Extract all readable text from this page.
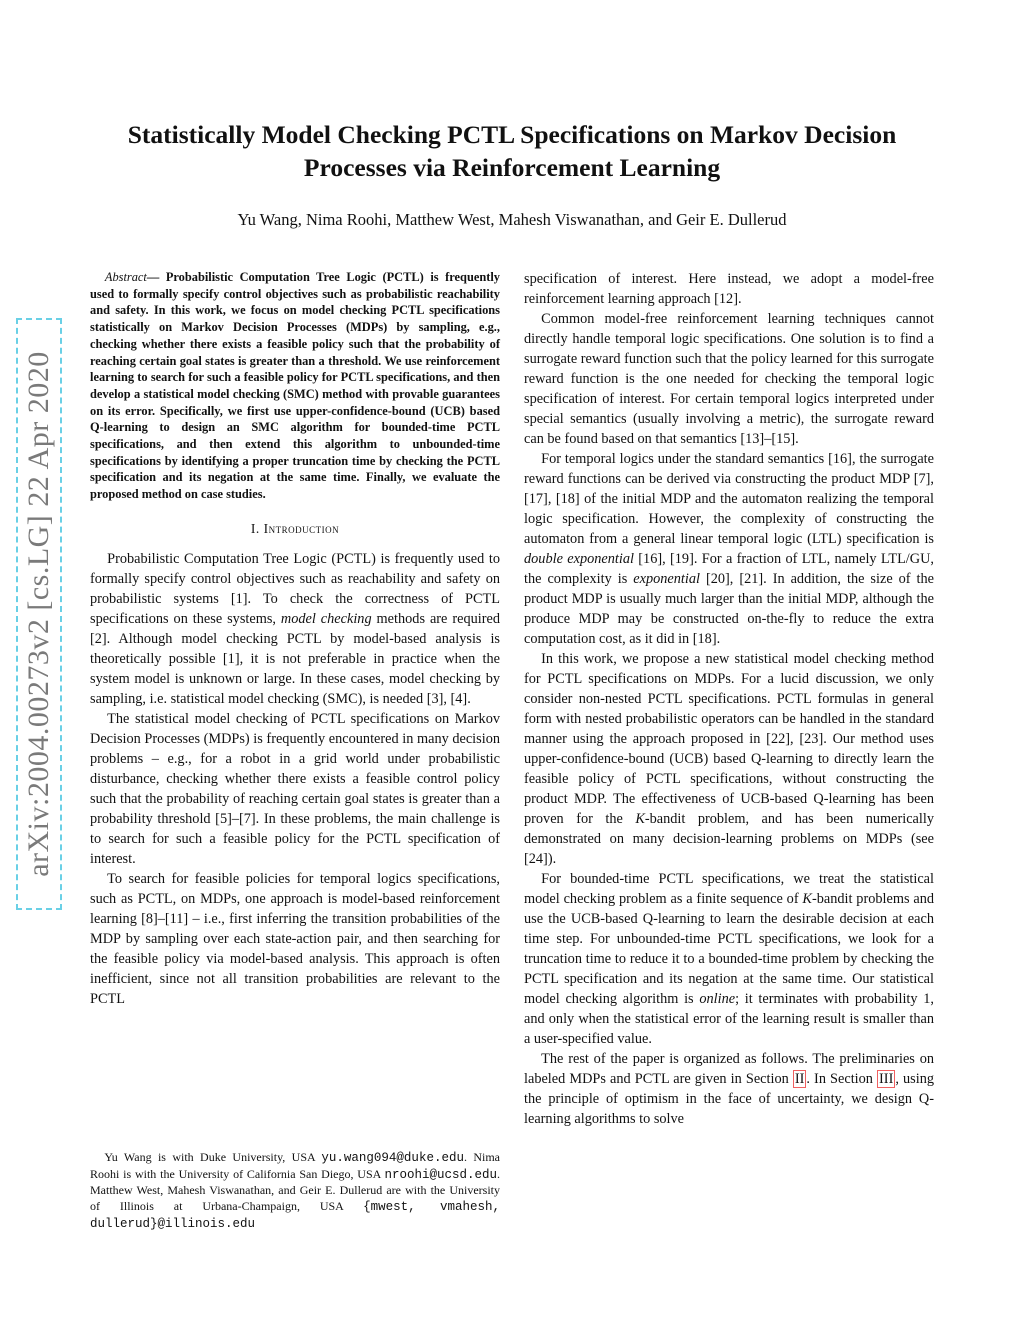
arXiv:2004.00273v2 [cs.LG] 22 Apr 2020
Statistically Model Checking PCTL Specifications on Markov Decision Processes via Reinforcement Learning

Yu Wang, Nima Roohi, Matthew West, Mahesh Viswanathan, and Geir E. Dullerud

Abstract— Probabilistic Computation Tree Logic (PCTL) is frequently used to formally specify control objectives such as probabilistic reachability and safety. In this work, we focus on model checking PCTL specifications statistically on Markov Decision Processes (MDPs) by sampling, e.g., checking whether there exists a feasible policy such that the probability of reaching certain goal states is greater than a threshold. We use reinforcement learning to search for such a feasible policy for PCTL specifications, and then develop a statistical model checking (SMC) method with provable guarantees on its error. Specifically, we first use upper-confidence-bound (UCB) based Q-learning to design an SMC algorithm for bounded-time PCTL specifications, and then extend this algorithm to unbounded-time specifications by identifying a proper truncation time by checking the PCTL specification and its negation at the same time. Finally, we evaluate the proposed method on case studies.

I. Introduction

Probabilistic Computation Tree Logic (PCTL) is frequently used to formally specify control objectives such as reachability and safety on probabilistic systems [1]. To check the correctness of PCTL specifications on these systems, model checking methods are required [2]. Although model checking PCTL by model-based analysis is theoretically possible [1], it is not preferable in practice when the system model is unknown or large. In these cases, model checking by sampling, i.e. statistical model checking (SMC), is needed [3], [4].

The statistical model checking of PCTL specifications on Markov Decision Processes (MDPs) is frequently encountered in many decision problems – e.g., for a robot in a grid world under probabilistic disturbance, checking whether there exists a feasible control policy such that the probability of reaching certain goal states is greater than a probability threshold [5]–[7]. In these problems, the main challenge is to search for such a feasible policy for the PCTL specification of interest.

To search for feasible policies for temporal logics specifications, such as PCTL, on MDPs, one approach is model-based reinforcement learning [8]–[11] – i.e., first inferring the transition probabilities of the MDP by sampling over each state-action pair, and then searching for the feasible policy via model-based analysis. This approach is often inefficient, since not all transition probabilities are relevant to the PCTL

Yu Wang is with Duke University, USA yu.wang094@duke.edu. Nima Roohi is with the University of California San Diego, USA nroohi@ucsd.edu. Matthew West, Mahesh Viswanathan, and Geir E. Dullerud are with the University of Illinois at Urbana-Champaign, USA {mwest, vmahesh, dullerud}@illinois.edu

specification of interest. Here instead, we adopt a model-free reinforcement learning approach [12].

Common model-free reinforcement learning techniques cannot directly handle temporal logic specifications. One solution is to find a surrogate reward function such that the policy learned for this surrogate reward function is the one needed for checking the temporal logic specification of interest. For certain temporal logics interpreted under special semantics (usually involving a metric), the surrogate reward can be found based on that semantics [13]–[15].

For temporal logics under the standard semantics [16], the surrogate reward functions can be derived via constructing the product MDP [7], [17], [18] of the initial MDP and the automaton realizing the temporal logic specification. However, the complexity of constructing the automaton from a general linear temporal logic (LTL) specification is double exponential [16], [19]. For a fraction of LTL, namely LTL/GU, the complexity is exponential [20], [21]. In addition, the size of the product MDP is usually much larger than the initial MDP, although the produce MDP may be constructed on-the-fly to reduce the extra computation cost, as it did in [18].

In this work, we propose a new statistical model checking method for PCTL specifications on MDPs. For a lucid discussion, we only consider non-nested PCTL specifications. PCTL formulas in general form with nested probabilistic operators can be handled in the standard manner using the approach proposed in [22], [23]. Our method uses upper-confidence-bound (UCB) based Q-learning to directly learn the feasible policy of PCTL specifications, without constructing the product MDP. The effectiveness of UCB-based Q-learning has been proven for the K-bandit problem, and has been numerically demonstrated on many decision-learning problems on MDPs (see [24]).

For bounded-time PCTL specifications, we treat the statistical model checking problem as a finite sequence of K-bandit problems and use the UCB-based Q-learning to learn the desirable decision at each time step. For unbounded-time PCTL specifications, we look for a truncation time to reduce it to a bounded-time problem by checking the PCTL specification and its negation at the same time. Our statistical model checking algorithm is online; it terminates with probability 1, and only when the statistical error of the learning result is smaller than a user-specified value.

The rest of the paper is organized as follows. The preliminaries on labeled MDPs and PCTL are given in Section II . In Section III , using the principle of optimism in the face of uncertainty, we design Q-learning algorithms to solve
